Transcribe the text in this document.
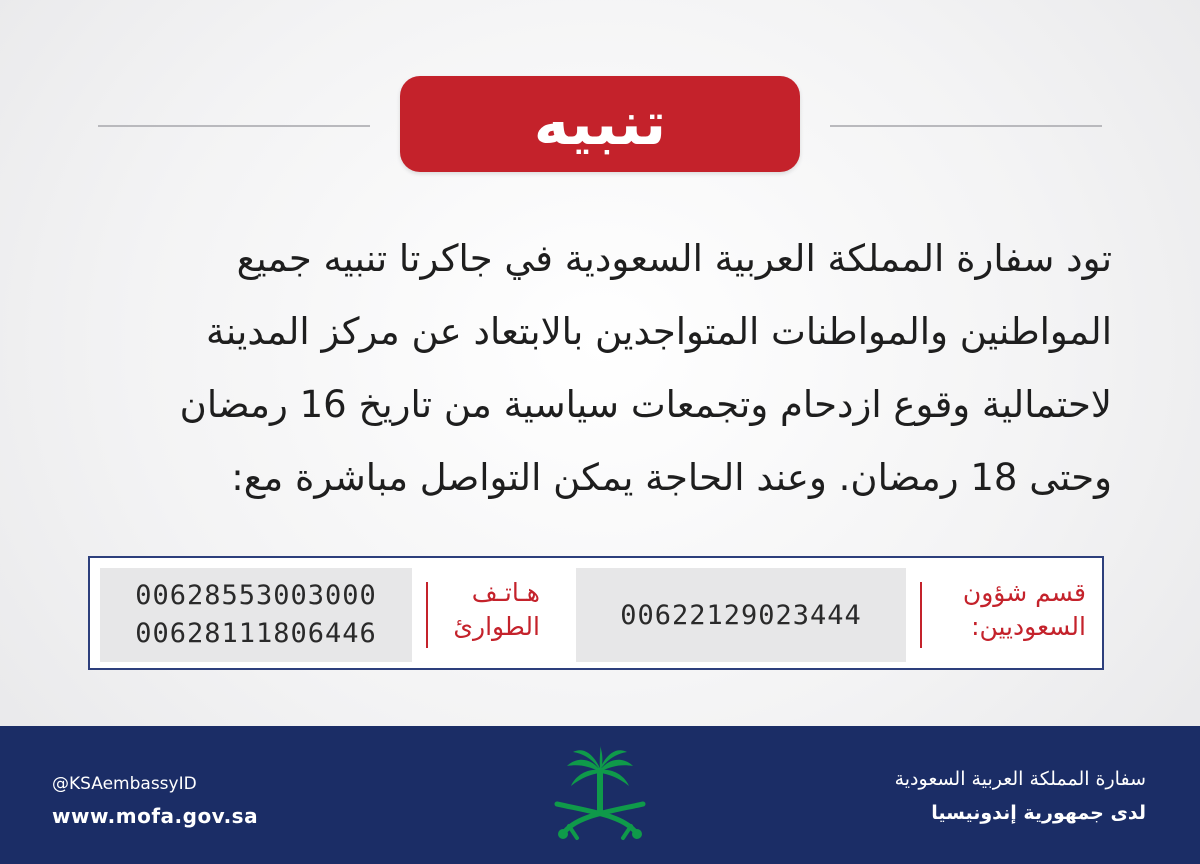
تنبيه
تود سفارة المملكة العربية السعودية في جاكرتا تنبيه جميع
المواطنين والمواطنات المتواجدين بالابتعاد عن مركز المدينة
لاحتمالية وقوع ازدحام وتجمعات سياسية من تاريخ 16 رمضان
وحتى 18 رمضان. وعند الحاجة يمكن التواصل مباشرة مع:
قسم شؤون
السعوديين:
00622129023444
هـاتـف
الطوارئ
00628553003000
00628111806446
@KSAembassyID
www.mofa.gov.sa
سفارة المملكة العربية السعودية
لدى جمهورية إندونيسيا
